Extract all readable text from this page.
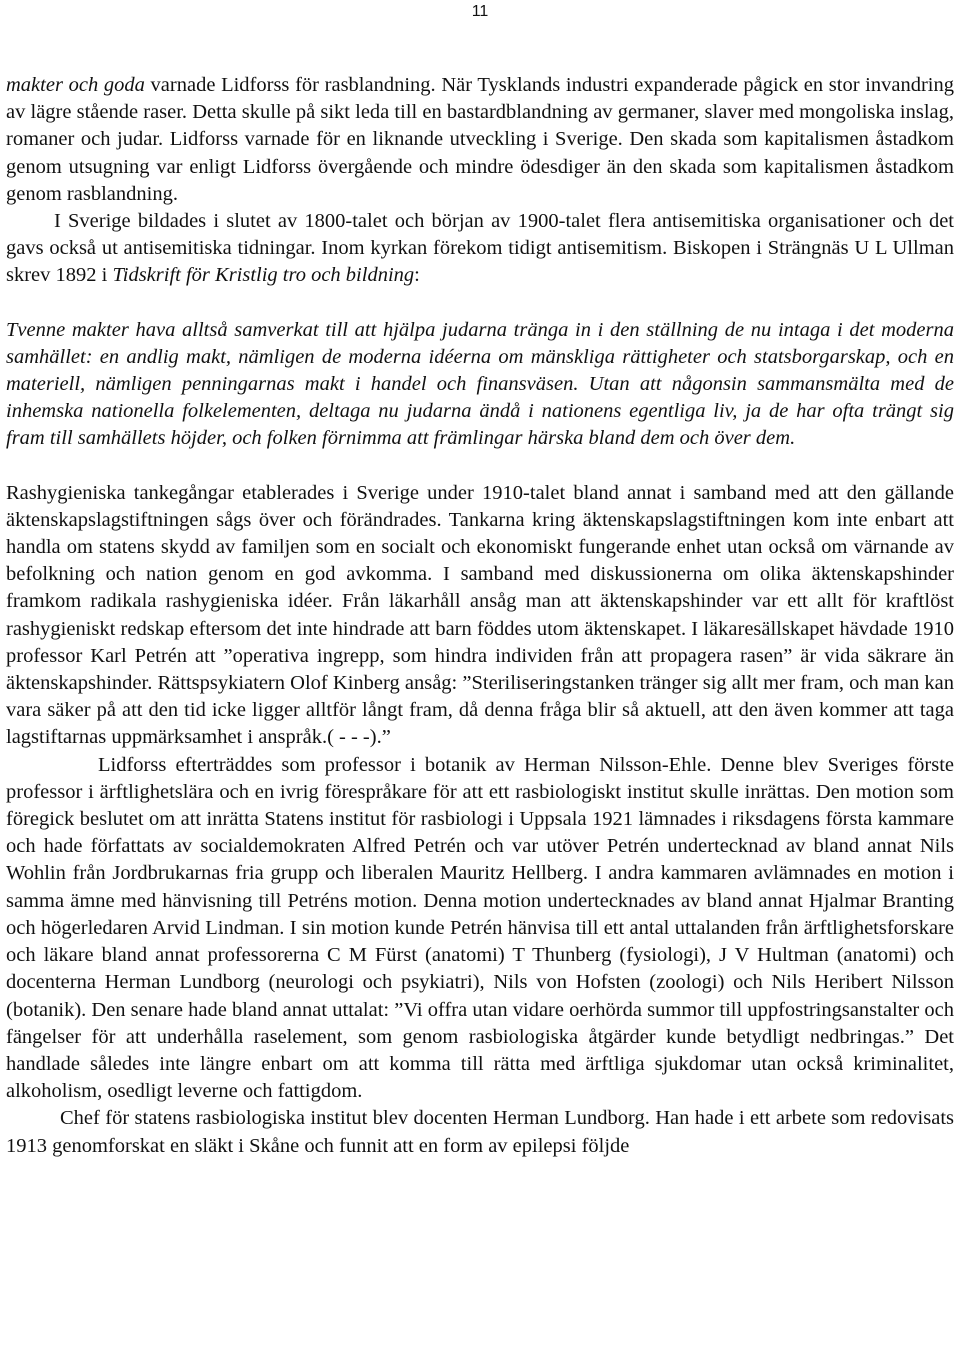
11

makter och goda varnade Lidforss för rasblandning. När Tysklands industri expanderade pågick en stor invandring av lägre stående raser. Detta skulle på sikt leda till en bastardblandning av germaner, slaver med mongoliska inslag, romaner och judar. Lidforss varnade för en liknande utveckling i Sverige. Den skada som kapitalismen åstadkom genom utsugning var enligt Lidforss övergående och mindre ödesdiger än den skada som kapitalismen åstadkom genom rasblandning.

I Sverige bildades i slutet av 1800-talet och början av 1900-talet flera antisemitiska organisationer och det gavs också ut antisemitiska tidningar. Inom kyrkan förekom tidigt antisemitism. Biskopen i Strängnäs U L Ullman skrev 1892 i Tidskrift för Kristlig tro och bildning:

Tvenne makter hava alltså samverkat till att hjälpa judarna tränga in i den ställning de nu intaga i det moderna samhället: en andlig makt, nämligen de moderna idéerna om mänskliga rättigheter och statsborgarskap, och en materiell, nämligen penningarnas makt i handel och finansväsen. Utan att någonsin sammansmälta med de inhemska nationella folkelementen, deltaga nu judarna ändå i nationens egentliga liv, ja de har ofta trängt sig fram till samhällets höjder, och folken förnimma att främlingar härska bland dem och över dem.

Rashygieniska tankegångar etablerades i Sverige under 1910-talet bland annat i samband med att den gällande äktenskapslagstiftningen sågs över och förändrades. Tankarna kring äktenskapslagstiftningen kom inte enbart att handla om statens skydd av familjen som en socialt och ekonomiskt fungerande enhet utan också om värnande av befolkning och nation genom en god avkomma. I samband med diskussionerna om olika äktenskapshinder framkom radikala rashygieniska idéer. Från läkarhåll ansåg man att äktenskapshinder var ett allt för kraftlöst rashygieniskt redskap eftersom det inte hindrade att barn föddes utom äktenskapet. I läkaresällskapet hävdade 1910 professor Karl Petrén att ”operativa ingrepp, som hindra individen från att propagera rasen” är vida säkrare än äktenskapshinder. Rättspsykiatern Olof Kinberg ansåg: ”Steriliseringstanken tränger sig allt mer fram, och man kan vara säker på att den tid icke ligger alltför långt fram, då denna fråga blir så aktuell, att den även kommer att taga lagstiftarnas uppmärksamhet i anspråk.( - - -).”

Lidforss efterträddes som professor i botanik av Herman Nilsson-Ehle. Denne blev Sveriges förste professor i ärftlighetslära och en ivrig förespråkare för att ett rasbiologiskt institut skulle inrättas. Den motion som föregick beslutet om att inrätta Statens institut för rasbiologi i Uppsala 1921 lämnades i riksdagens första kammare och hade författats av socialdemokraten Alfred Petrén och var utöver Petrén undertecknad av bland annat Nils Wohlin från Jordbrukarnas fria grupp och liberalen Mauritz Hellberg. I andra kammaren avlämnades en motion i samma ämne med hänvisning till Petréns motion. Denna motion undertecknades av bland annat Hjalmar Branting och högerledaren Arvid Lindman. I sin motion kunde Petrén hänvisa till ett antal uttalanden från ärftlighetsforskare och läkare bland annat professorerna C M Fürst (anatomi) T Thunberg (fysiologi), J V Hultman (anatomi) och docenterna Herman Lundborg (neurologi och psykiatri), Nils von Hofsten (zoologi) och Nils Heribert Nilsson (botanik). Den senare hade bland annat uttalat: ”Vi offra utan vidare oerhörda summor till uppfostringsanstalter och fängelser för att underhålla raselement, som genom rasbiologiska åtgärder kunde betydligt nedbringas.” Det handlade således inte längre enbart om att komma till rätta med ärftliga sjukdomar utan också kriminalitet, alkoholism, osedligt leverne och fattigdom.

Chef för statens rasbiologiska institut blev docenten Herman Lundborg. Han hade i ett arbete som redovisats 1913 genomforskat en släkt i Skåne och funnit att en form av epilepsi följde
